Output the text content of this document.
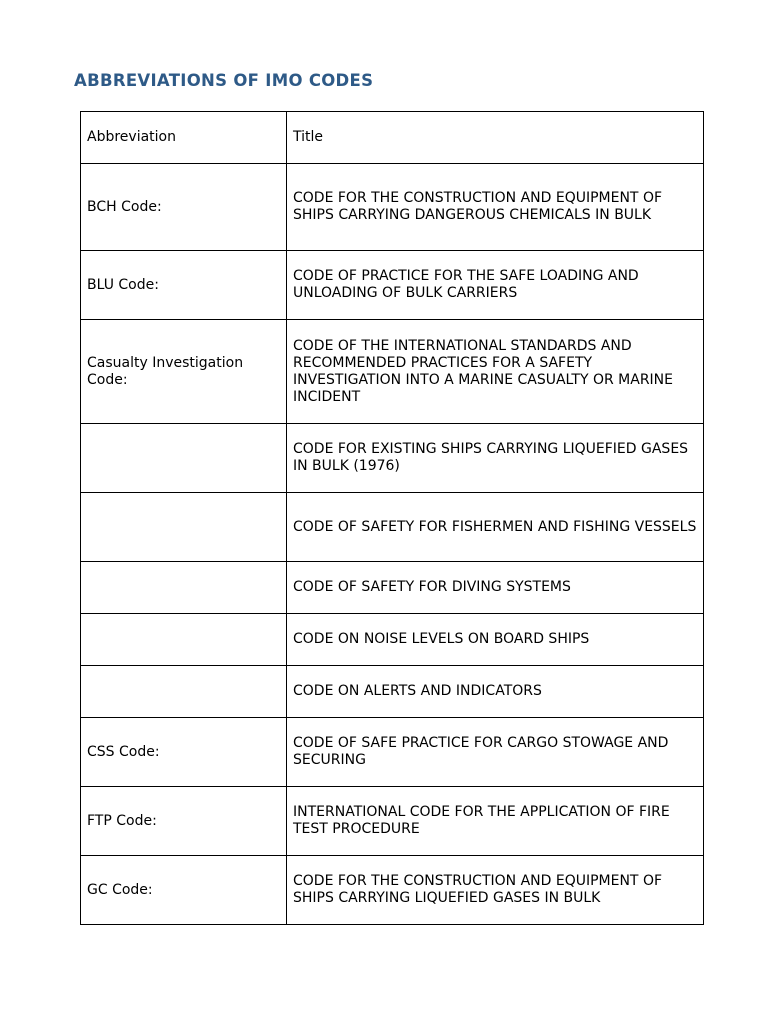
ABBREVIATIONS OF IMO CODES
Abbreviation	Title
BCH Code:	CODE FOR THE CONSTRUCTION AND EQUIPMENT OF SHIPS CARRYING DANGEROUS CHEMICALS IN BULK
BLU Code:	CODE OF PRACTICE FOR THE SAFE LOADING AND UNLOADING OF BULK CARRIERS
Casualty Investigation Code:	CODE OF THE INTERNATIONAL STANDARDS AND RECOMMENDED PRACTICES FOR A SAFETY INVESTIGATION INTO A MARINE CASUALTY OR MARINE INCIDENT
	CODE FOR EXISTING SHIPS CARRYING LIQUEFIED GASES IN BULK (1976)
	CODE OF SAFETY FOR FISHERMEN AND FISHING VESSELS
	CODE OF SAFETY FOR DIVING SYSTEMS
	CODE ON NOISE LEVELS ON BOARD SHIPS
	CODE ON ALERTS AND INDICATORS
CSS Code:	CODE OF SAFE PRACTICE FOR CARGO STOWAGE AND SECURING
FTP Code:	INTERNATIONAL CODE FOR THE APPLICATION OF FIRE TEST PROCEDURE
GC Code:	CODE FOR THE CONSTRUCTION AND EQUIPMENT OF SHIPS CARRYING LIQUEFIED GASES IN BULK
